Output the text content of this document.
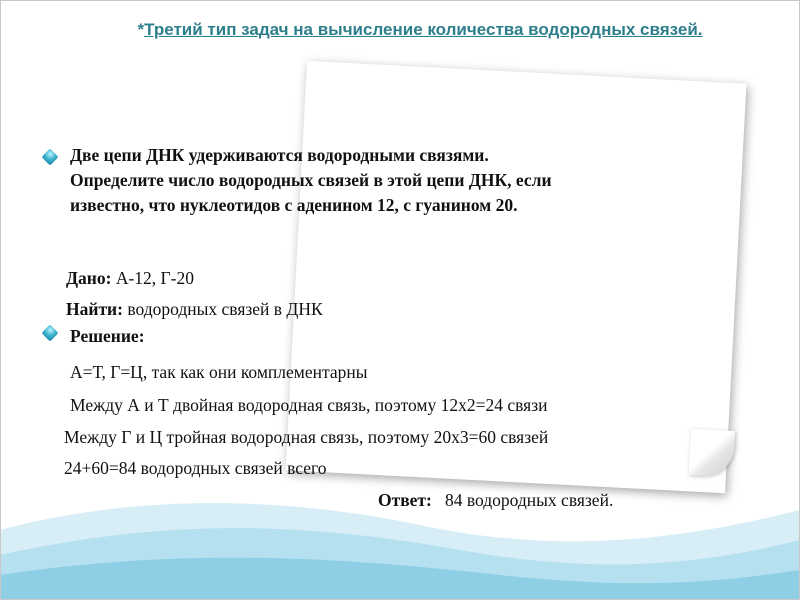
*Третий тип задач на вычисление количества водородных связей.
Две цепи ДНК удерживаются водородными связями.
Определите число водородных связей в этой цепи ДНК, если
известно, что нуклеотидов с аденином 12, с гуанином 20.
Дано: А-12, Г-20
Найти: водородных связей в ДНК
Решение:
А=Т, Г=Ц, так как они комплементарны
Между А и Т двойная водородная связь, поэтому 12х2=24 связи
Между Г и Ц тройная водородная связь, поэтому 20х3=60 связей
24+60=84 водородных связей всего
Ответ:   84 водородных связей.
